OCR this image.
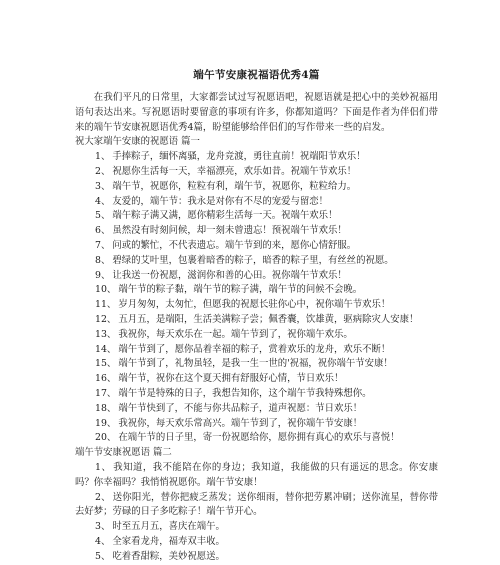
端午节安康祝福语优秀4篇

在我们平凡的日常里，大家都尝试过写祝愿语吧，祝愿语就是把心中的美妙祝福用语句表达出来。写祝愿语时要留意的事项有许多，你都知道吗？下面是作者为伴侣们带来的端午节安康祝愿语优秀4篇，盼望能够给伴侣们的写作带来一些的启发。

祝大家端午安康的祝愿语 篇一

1、 手捧粽子，缅怀离骚，龙舟竞渡，勇往直前！祝端阳节欢乐！

2、 祝愿你生活每一天，幸福漂亮，欢乐如昔。祝端午节欢乐！

3、 端午节，祝愿你，粒粒有利，端午节，祝愿你，粒粒给力。

4、 友爱的，端午节：我永是对你有不尽的宠爱与留恋！

5、 端午粽子满又满，愿你精彩生活每一天。祝端午欢乐！

6、 虽然没有时刻问候，却一刻未曾遗忘！预祝端午节欢乐！

7、 问或的繁忙，不代表遗忘。端午节到的来，愿你心情舒服。

8、 碧绿的艾叶里，包裹着暗香的粽子，暗香的粽子里，有丝丝的祝愿。

9、 让我送一份祝愿，滋润你和善的心田。祝你端午节欢乐！

10、 端午节的粽子黏，端午节的粽子满，端午节的问候不会晚。

11、 岁月匆匆，太匆忙，但愿我的祝愿长驻你心中，祝你端午节欢乐！

12、 五月五，是端阳，生活美满粽子尝；佩香囊，饮雄黄，驱病除灾人安康！

13、 我祝你，每天欢乐在一起。端午节到了，祝你端午欢乐。

14、 端午节到了，愿你品着幸福的粽子，赏着欢乐的龙舟，欢乐不断！

15、 端午节到了，礼物虽轻，是我一生一世的'祝福，祝你端午节安康！

16、 端午节，祝你在这个夏天拥有舒服好心情，节日欢乐！

17、 端午节是特殊的日子，我想告知你，这个端午节我特殊想你。

18、 端午节快到了，不能与你共品粽子，道声祝愿：节日欢乐！

19、 我祝你，每天欢乐常高兴。端午节到了，祝你端午节安康！

20、 在端午节的日子里，寄一份祝愿给你，愿你拥有真心的欢乐与喜悦！

端午节安康祝愿语 篇二

1、 我知道，我不能陪在你的身边；我知道，我能做的只有遥远的思念。你安康吗？你幸福吗？我悄悄祝愿你。端午节安康！

2、 送你阳光，替你把疲乏蒸发；送你细雨，替你把劳累冲刷；送你流星，替你带去好梦；劳碌的日子多吃粽子！端午节开心。

3、 时至五月五，喜庆在端午。

4、 全家看龙舟，福寿双丰收。

5、 吃着香甜粽，美妙祝愿送。
